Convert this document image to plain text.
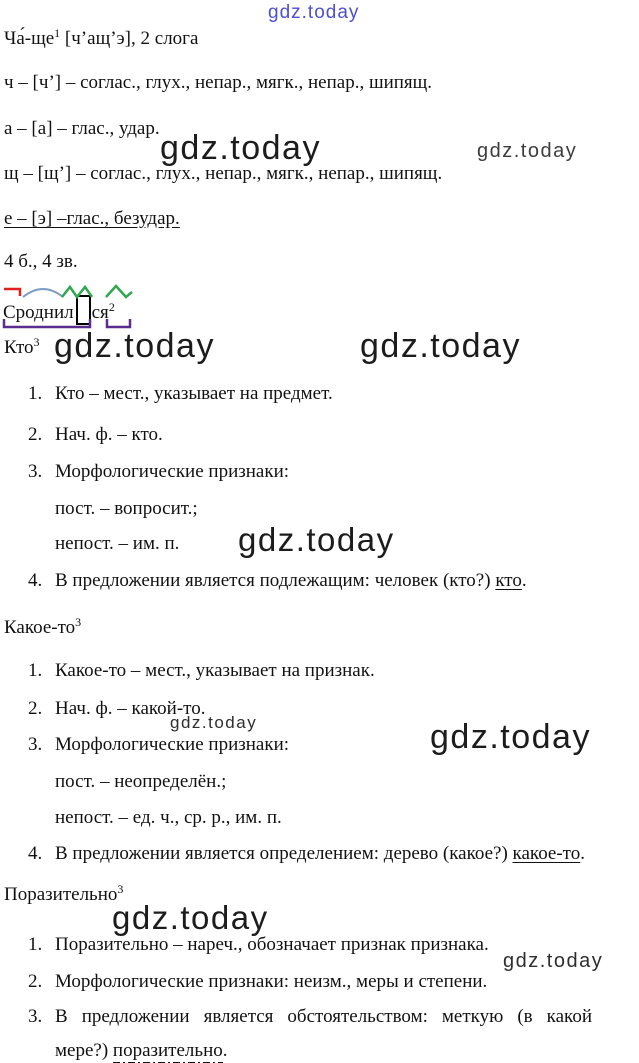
gdz.today
gdz.today	gdz.today
gdz.today	gdz.today
gdz.today
gdz.today	gdz.today
gdz.today
gdz.today
$Ча́-ще^1$ [ч’ащ’э], 2 слога
ч – [ч’] – соглас., глух., непар., мягк., непар., шипящ.
а – [а] – глас., удар.
щ – [щ’] – соглас., глух., непар., мягк., непар., шипящ.
е – [э] –глас., безудар.
4 б., 4 зв.
Сроднил $ся^2$
Кто$^3$
1. Кто – мест., указывает на предмет.
2. Нач. ф. – кто.
3. Морфологические признаки:
пост. – вопросит.;
непост. – им. п.
4. В предложении является подлежащим: человек (кто?) кто.
Какое-$то^3$
1. Какое-то – мест., указывает на признак.
2. Нач. ф. – какой-то.
3. Морфологические признаки:
пост. – неопределён.;
непост. – ед. ч., ср. р., им. п.
4. В предложении является определением: дерево (какое?) какое-то.
Поразительно$^3$
1. Поразительно – нареч., обозначает признак признака.
2. Морфологические признаки: неизм., меры и степени.
3. В предложении является обстоятельством: меткую (в какой
мере?) поразительно.
